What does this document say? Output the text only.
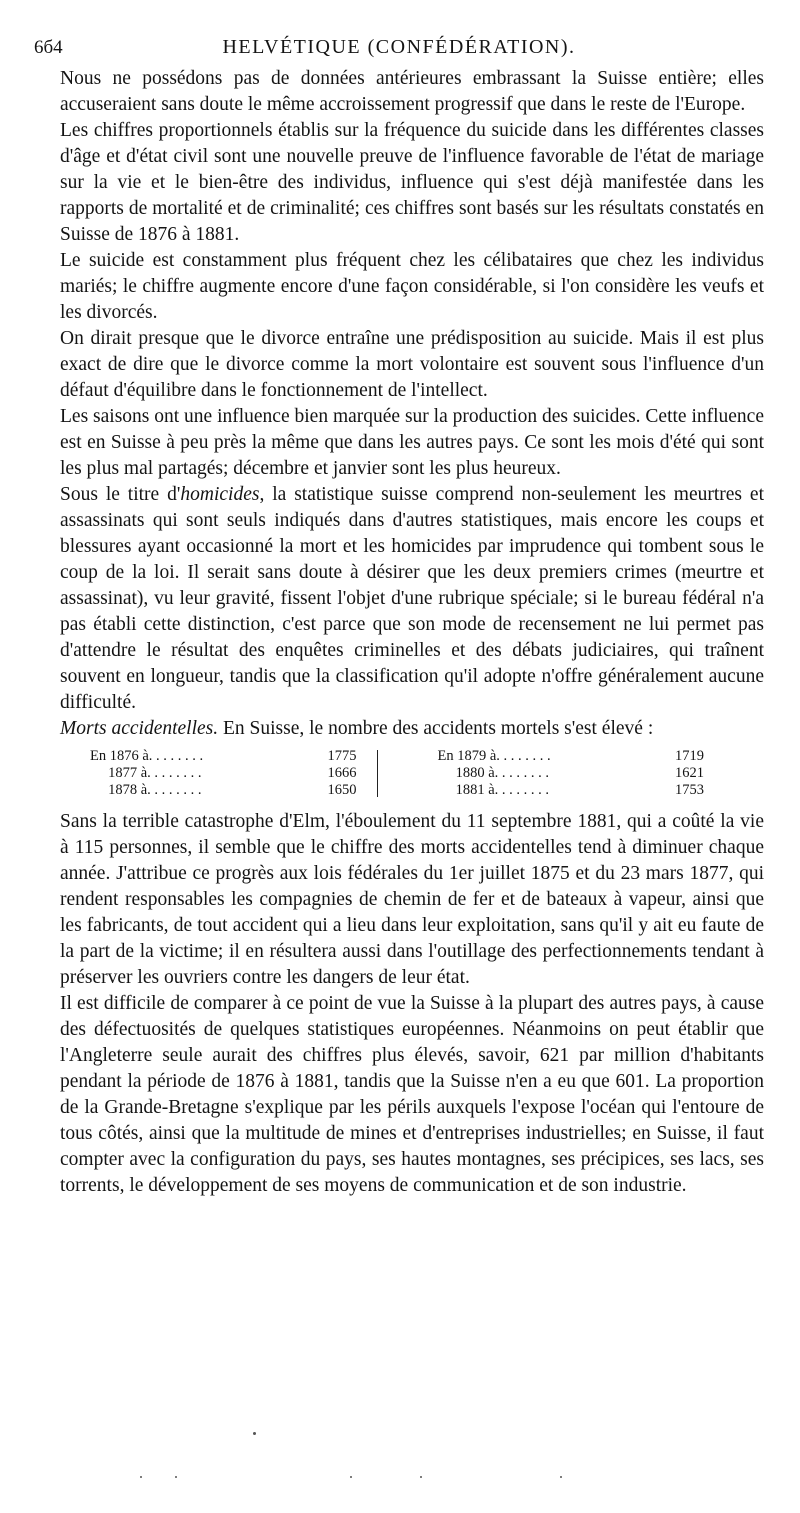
6б4	HELVÉTIQUE (CONFÉDÉRATION).

Nous ne possédons pas de données antérieures embrassant la Suisse entière; elles accuseraient sans doute le même accroissement progressif que dans le reste de l'Europe.

Les chiffres proportionnels établis sur la fréquence du suicide dans les différentes classes d'âge et d'état civil sont une nouvelle preuve de l'influence favorable de l'état de mariage sur la vie et le bien-être des individus, influence qui s'est déjà manifestée dans les rapports de mortalité et de criminalité; ces chiffres sont basés sur les résultats constatés en Suisse de 1876 à 1881.

Le suicide est constamment plus fréquent chez les célibataires que chez les individus mariés; le chiffre augmente encore d'une façon considérable, si l'on considère les veufs et les divorcés.

On dirait presque que le divorce entraîne une prédisposition au suicide. Mais il est plus exact de dire que le divorce comme la mort volontaire est souvent sous l'influence d'un défaut d'équilibre dans le fonctionnement de l'intellect.

Les saisons ont une influence bien marquée sur la production des suicides. Cette influence est en Suisse à peu près la même que dans les autres pays. Ce sont les mois d'été qui sont les plus mal partagés; décembre et janvier sont les plus heureux.

Sous le titre d'homicides, la statistique suisse comprend non-seulement les meurtres et assassinats qui sont seuls indiqués dans d'autres statistiques, mais encore les coups et blessures ayant occasionné la mort et les homicides par imprudence qui tombent sous le coup de la loi. Il serait sans doute à désirer que les deux premiers crimes (meurtre et assassinat), vu leur gravité, fissent l'objet d'une rubrique spéciale; si le bureau fédéral n'a pas établi cette distinction, c'est parce que son mode de recensement ne lui permet pas d'attendre le résultat des enquêtes criminelles et des débats judiciaires, qui traînent souvent en longueur, tandis que la classification qu'il adopte n'offre généralement aucune difficulté.

Morts accidentelles. En Suisse, le nombre des accidents mortels s'est élevé :

En 1876 à. . . . . . . .	1775
1877 à. . . . . . . .	1666
1878 à. . . . . . . .	1650
En 1879 à. . . . . . . .	1719
1880 à. . . . . . . .	1621
1881 à. . . . . . . .	1753

Sans la terrible catastrophe d'Elm, l'éboulement du 11 septembre 1881, qui a coûté la vie à 115 personnes, il semble que le chiffre des morts accidentelles tend à diminuer chaque année. J'attribue ce progrès aux lois fédérales du 1er juillet 1875 et du 23 mars 1877, qui rendent responsables les compagnies de chemin de fer et de bateaux à vapeur, ainsi que les fabricants, de tout accident qui a lieu dans leur exploitation, sans qu'il y ait eu faute de la part de la victime; il en résultera aussi dans l'outillage des perfectionnements tendant à préserver les ouvriers contre les dangers de leur état.

Il est difficile de comparer à ce point de vue la Suisse à la plupart des autres pays, à cause des défectuosités de quelques statistiques européennes. Néanmoins on peut établir que l'Angleterre seule aurait des chiffres plus élevés, savoir, 621 par million d'habitants pendant la période de 1876 à 1881, tandis que la Suisse n'en a eu que 601. La proportion de la Grande-Bretagne s'explique par les périls auxquels l'expose l'océan qui l'entoure de tous côtés, ainsi que la multitude de mines et d'entreprises industrielles; en Suisse, il faut compter avec la configuration du pays, ses hautes montagnes, ses précipices, ses lacs, ses torrents, le développement de ses moyens de communication et de son industrie.
